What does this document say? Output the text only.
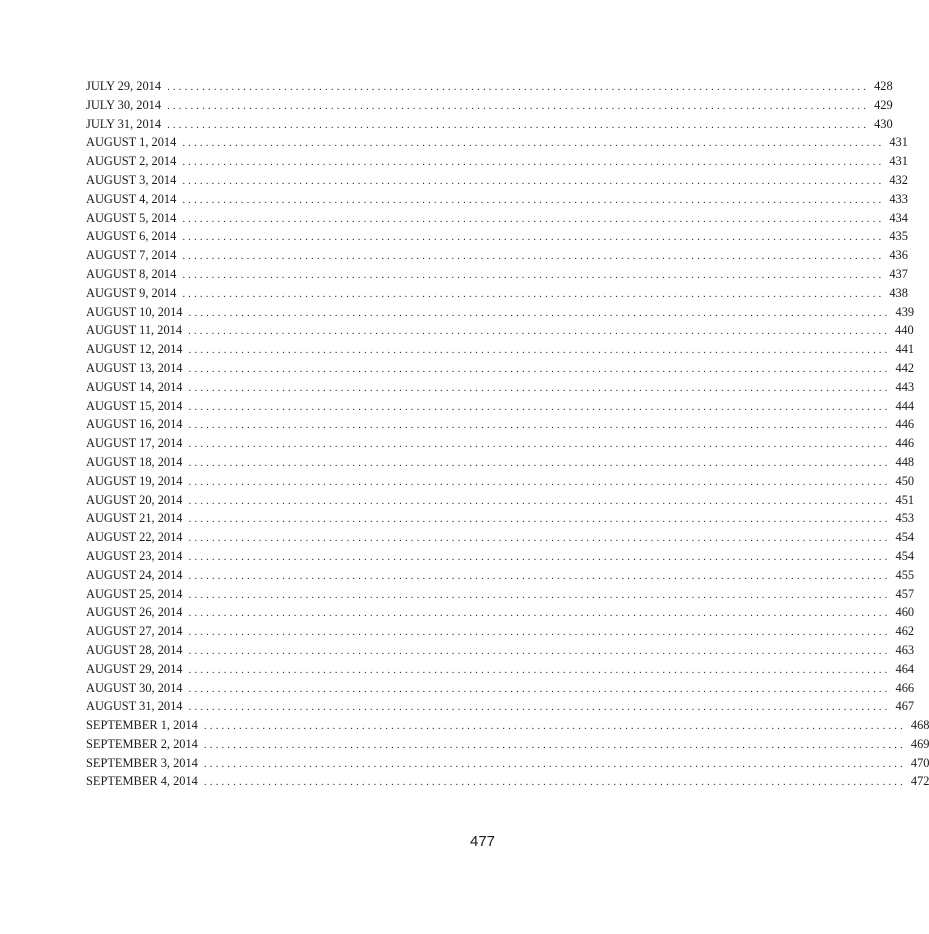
JULY 29, 2014 ........................................................................................................................ 428
JULY 30, 2014 ........................................................................................................................ 429
JULY 31, 2014 ........................................................................................................................ 430
AUGUST 1, 2014 ........................................................................................................................ 431
AUGUST 2, 2014 ........................................................................................................................ 431
AUGUST 3, 2014 ........................................................................................................................ 432
AUGUST 4, 2014 ........................................................................................................................ 433
AUGUST 5, 2014 ........................................................................................................................ 434
AUGUST 6, 2014 ........................................................................................................................ 435
AUGUST 7, 2014 ........................................................................................................................ 436
AUGUST 8, 2014 ........................................................................................................................ 437
AUGUST 9, 2014 ........................................................................................................................ 438
AUGUST 10, 2014 ........................................................................................................................ 439
AUGUST 11, 2014 ........................................................................................................................ 440
AUGUST 12, 2014 ........................................................................................................................ 441
AUGUST 13, 2014 ........................................................................................................................ 442
AUGUST 14, 2014 ........................................................................................................................ 443
AUGUST 15, 2014 ........................................................................................................................ 444
AUGUST 16, 2014 ........................................................................................................................ 446
AUGUST 17, 2014 ........................................................................................................................ 446
AUGUST 18, 2014 ........................................................................................................................ 448
AUGUST 19, 2014 ........................................................................................................................ 450
AUGUST 20, 2014 ........................................................................................................................ 451
AUGUST 21, 2014 ........................................................................................................................ 453
AUGUST 22, 2014 ........................................................................................................................ 454
AUGUST 23, 2014 ........................................................................................................................ 454
AUGUST 24, 2014 ........................................................................................................................ 455
AUGUST 25, 2014 ........................................................................................................................ 457
AUGUST 26, 2014 ........................................................................................................................ 460
AUGUST 27, 2014 ........................................................................................................................ 462
AUGUST 28, 2014 ........................................................................................................................ 463
AUGUST 29, 2014 ........................................................................................................................ 464
AUGUST 30, 2014 ........................................................................................................................ 466
AUGUST 31, 2014 ........................................................................................................................ 467
SEPTEMBER 1, 2014 ........................................................................................................................ 468
SEPTEMBER 2, 2014 ........................................................................................................................ 469
SEPTEMBER 3, 2014 ........................................................................................................................ 470
SEPTEMBER 4, 2014 ........................................................................................................................ 472
477
